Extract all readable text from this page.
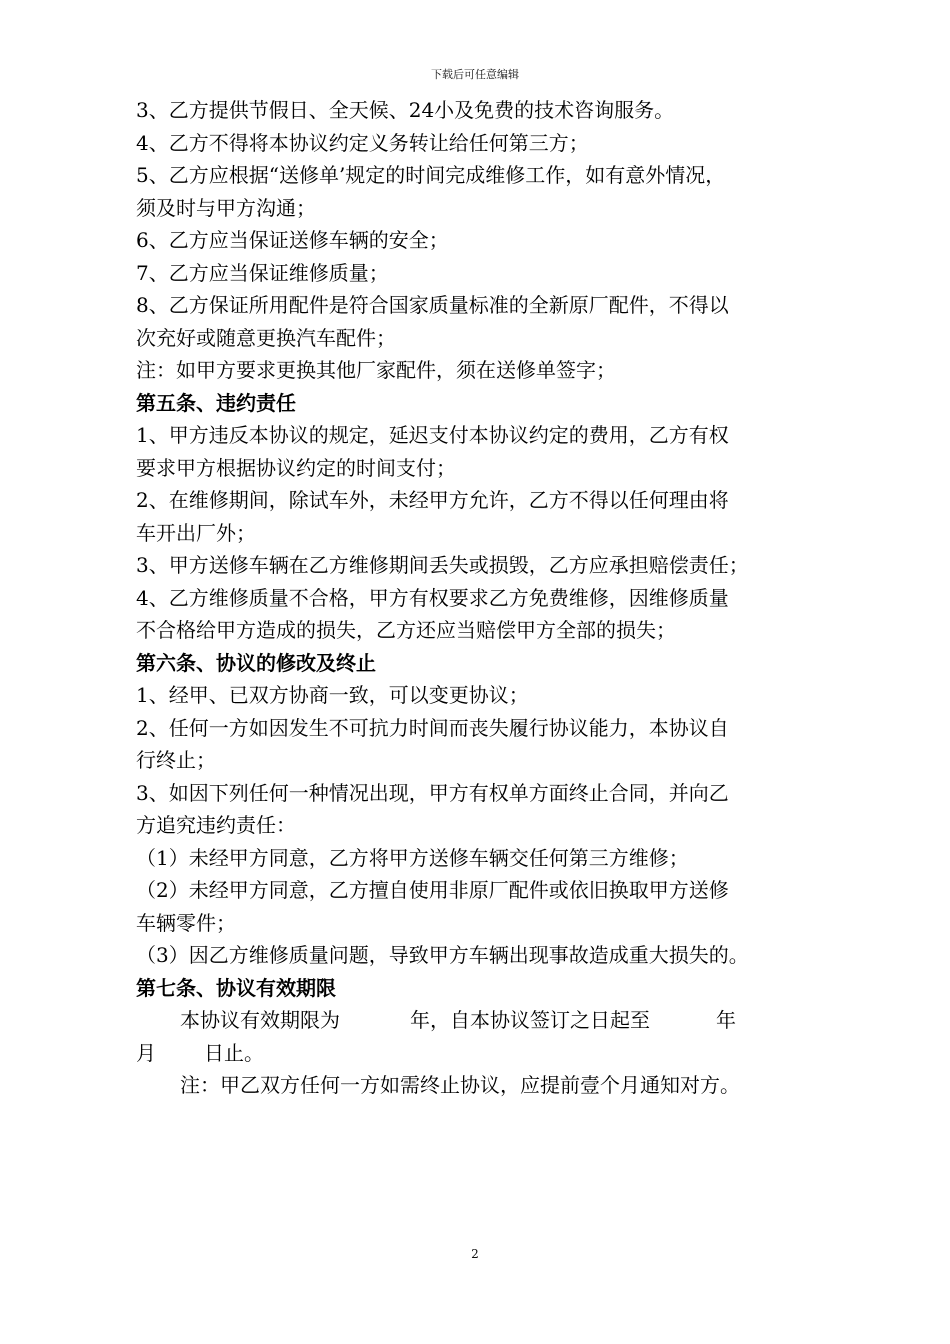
下载后可任意编辑
3、乙方提供节假日、全天候、24小及免费的技术咨询服务。
4、乙方不得将本协议约定义务转让给任何第三方；
5、乙方应根据“送修单’规定的时间完成维修工作，如有意外情况，
须及时与甲方沟通；
6、乙方应当保证送修车辆的安全；
7、乙方应当保证维修质量；
8、乙方保证所用配件是符合国家质量标准的全新原厂配件，不得以
次充好或随意更换汽车配件；
注：如甲方要求更换其他厂家配件，须在送修单签字；
第五条、违约责任
1、甲方违反本协议的规定，延迟支付本协议约定的费用，乙方有权
要求甲方根据协议约定的时间支付；
2、在维修期间，除试车外，未经甲方允许，乙方不得以任何理由将
车开出厂外；
3、甲方送修车辆在乙方维修期间丢失或损毁，乙方应承担赔偿责任；
4、乙方维修质量不合格，甲方有权要求乙方免费维修，因维修质量
不合格给甲方造成的损失，乙方还应当赔偿甲方全部的损失；
第六条、协议的修改及终止
1、经甲、已双方协商一致，可以变更协议；
2、任何一方如因发生不可抗力时间而丧失履行协议能力，本协议自
行终止；
3、如因下列任何一种情况出现，甲方有权单方面终止合同，并向乙
方追究违约责任：
（1）未经甲方同意，乙方将甲方送修车辆交任何第三方维修；
（2）未经甲方同意，乙方擅自使用非原厂配件或依旧换取甲方送修
车辆零件；
（3）因乙方维修质量问题，导致甲方车辆出现事故造成重大损失的。
第七条、协议有效期限
本协议有效期限为	年，自本协议签订之日起至	年
月 日止。
注：甲乙双方任何一方如需终止协议，应提前壹个月通知对方。
2
